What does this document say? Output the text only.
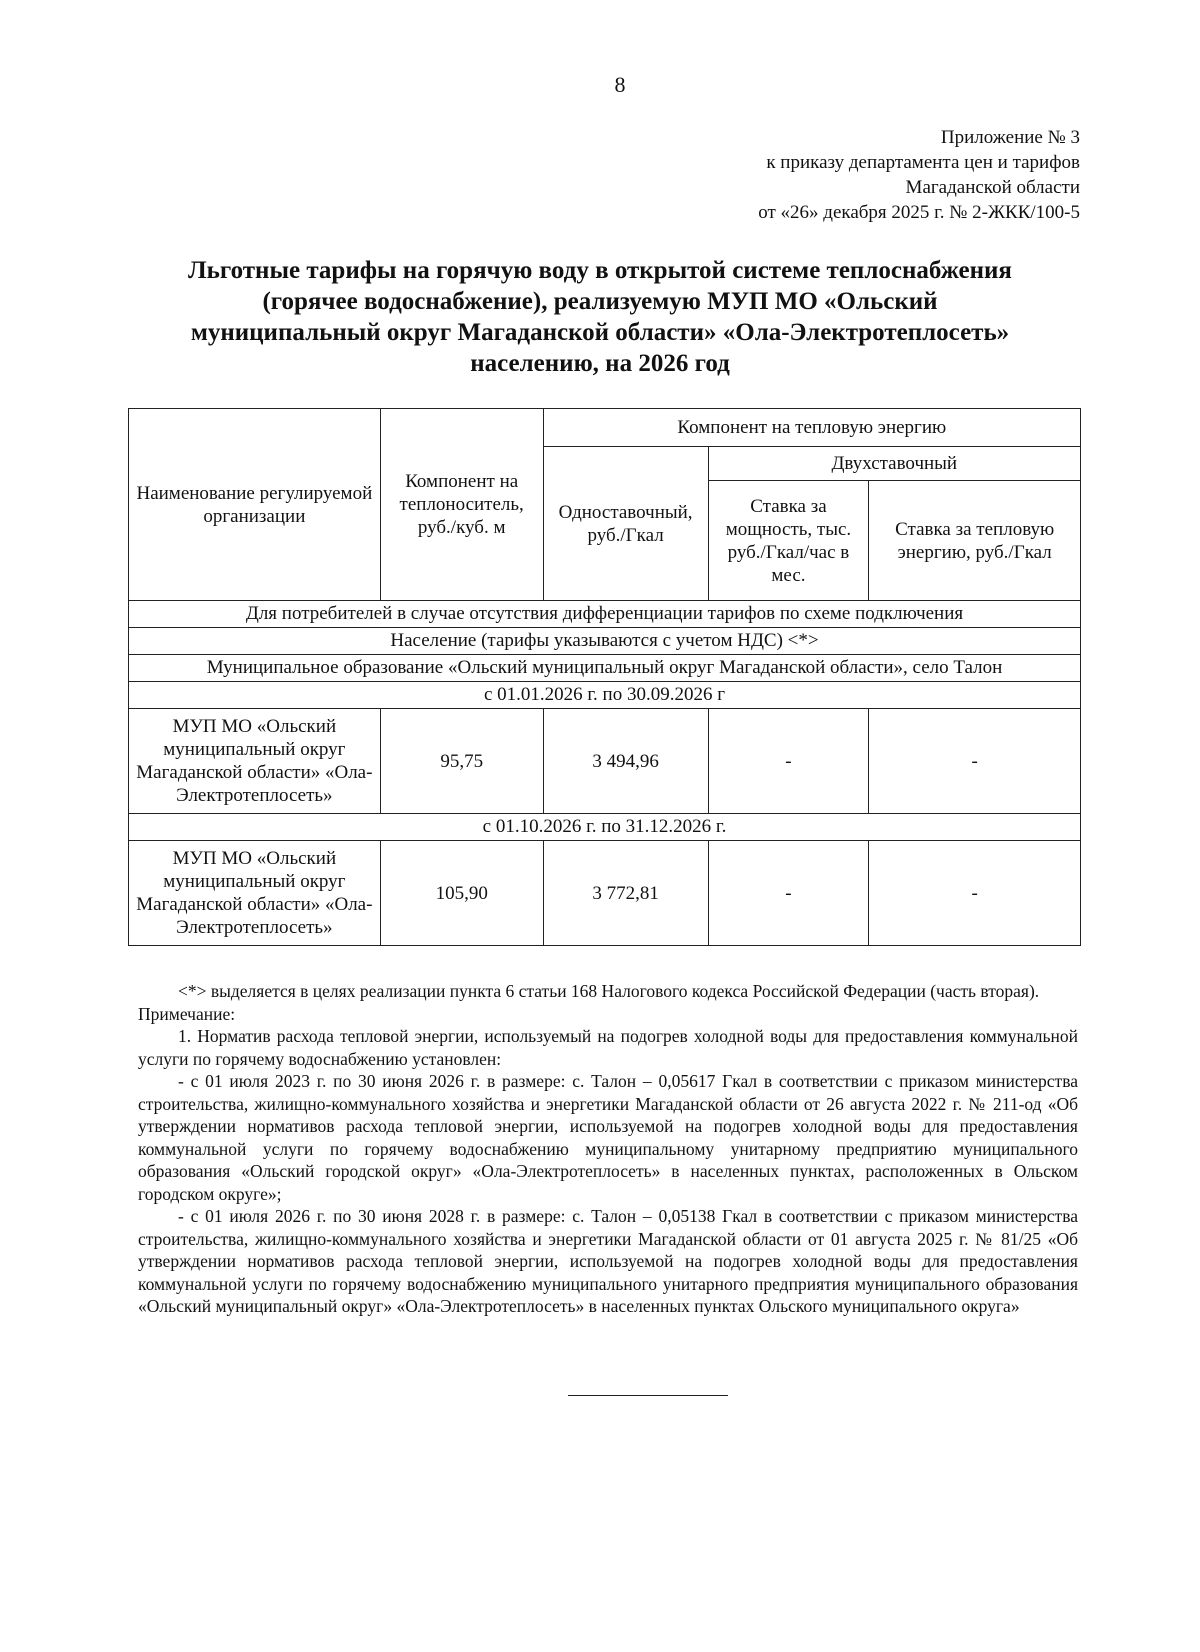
8
Приложение № 3
к приказу департамента цен и тарифов
Магаданской области
от «26» декабря 2025 г. № 2-ЖКК/100-5
Льготные тарифы на горячую воду в открытой системе теплоснабжения
(горячее водоснабжение), реализуемую МУП МО «Ольский
муниципальный округ Магаданской области» «Ола-Электротеплосеть»
населению, на 2026 год
Наименование регулируемой организации	Компонент на теплоноситель, руб./куб. м	Компонент на тепловую энергию		
		Одноставочный, руб./Гкал	Двухставочный	
			Ставка за мощность, тыс. руб./Гкал/час в мес.	Ставка за тепловую энергию, руб./Гкал
Для потребителей в случае отсутствия дифференциации тарифов по схеме подключения				
Население (тарифы указываются с учетом НДС) <*>				
Муниципальное образование «Ольский муниципальный округ Магаданской области», село Талон				
с 01.01.2026 г. по 30.09.2026 г				
МУП МО «Ольский муниципальный округ Магаданской области» «Ола-Электротеплосеть»	95,75	3 494,96	-	-
с 01.10.2026 г. по 31.12.2026 г.				
МУП МО «Ольский муниципальный округ Магаданской области» «Ола-Электротеплосеть»	105,90	3 772,81	-	-

<*> выделяется в целях реализации пункта 6 статьи 168 Налогового кодекса Российской Федерации (часть вторая).

Примечание:

1. Норматив расхода тепловой энергии, используемый на подогрев холодной воды для предоставления коммунальной услуги по горячему водоснабжению установлен:

- с 01 июля 2023 г. по 30 июня 2026 г. в размере: с. Талон – 0,05617 Гкал в соответствии с приказом министерства строительства, жилищно-коммунального хозяйства и энергетики Магаданской области от 26 августа 2022 г. № 211-од «Об утверждении нормативов расхода тепловой энергии, используемой на подогрев холодной воды для предоставления коммунальной услуги по горячему водоснабжению муниципальному унитарному предприятию муниципального образования «Ольский городской округ» «Ола-Электротеплосеть» в населенных пунктах, расположенных в Ольском городском округе»;

- с 01 июля 2026 г. по 30 июня 2028 г. в размере: с. Талон – 0,05138 Гкал в соответствии с приказом министерства строительства, жилищно-коммунального хозяйства и энергетики Магаданской области от 01 августа 2025 г. № 81/25 «Об утверждении нормативов расхода тепловой энергии, используемой на подогрев холодной воды для предоставления коммунальной услуги по горячему водоснабжению муниципального унитарного предприятия муниципального образования «Ольский муниципальный округ» «Ола-Электротеплосеть» в населенных пунктах Ольского муниципального округа»
